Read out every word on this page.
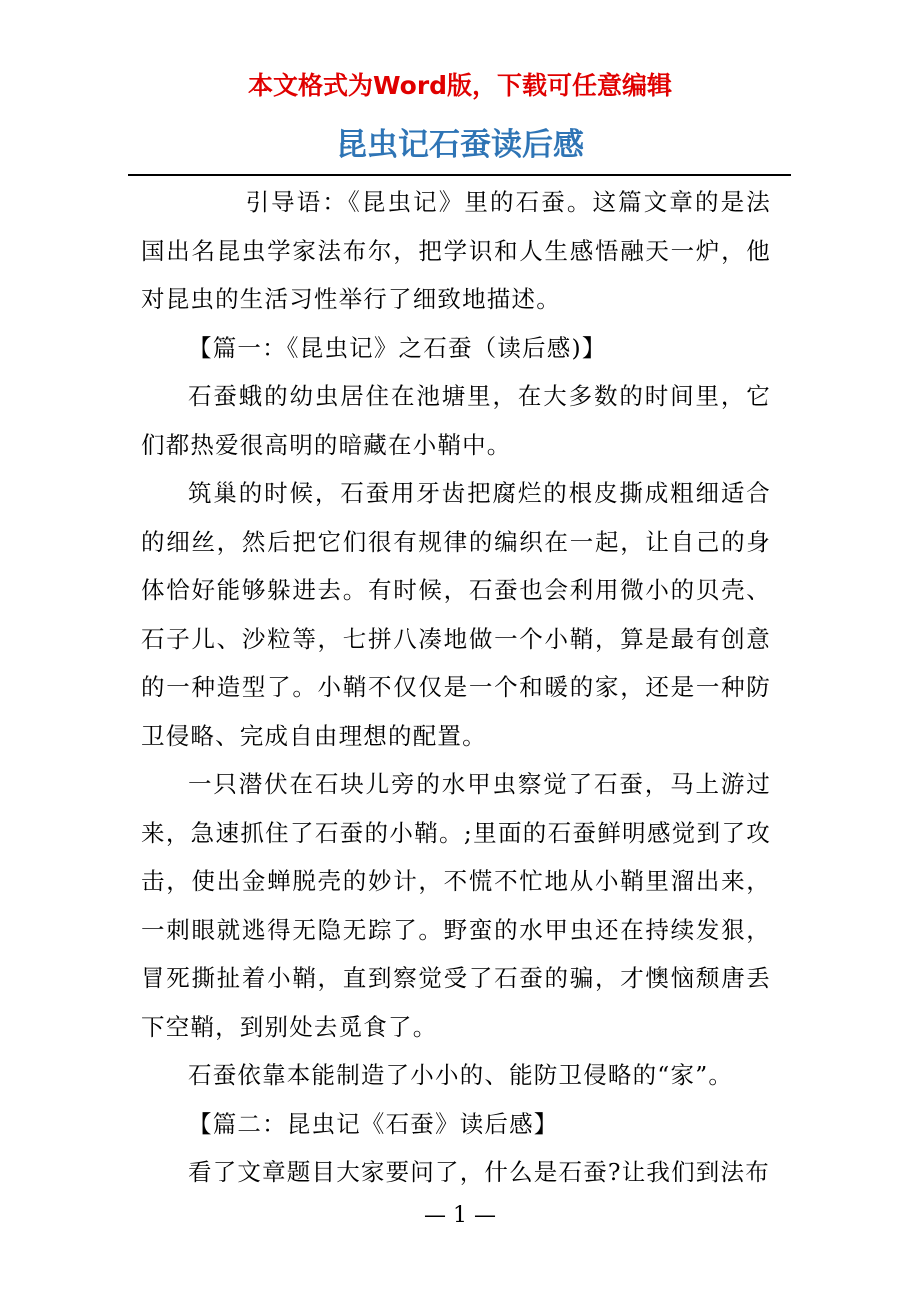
本文格式为Word版，下载可任意编辑
昆虫记石蚕读后感

引导语：《昆虫记》里的石蚕。这篇文章的是法国出名昆虫学家法布尔，把学识和人生感悟融天一炉，他对昆虫的生活习性举行了细致地描述。

【篇一：《昆虫记》之石蚕（读后感)】

石蚕蛾的幼虫居住在池塘里，在大多数的时间里，它们都热爱很高明的暗藏在小鞘中。

筑巢的时候，石蚕用牙齿把腐烂的根皮撕成粗细适合的细丝，然后把它们很有规律的编织在一起，让自己的身体恰好能够躲进去。有时候，石蚕也会利用微小的贝壳、石子儿、沙粒等，七拼八凑地做一个小鞘，算是最有创意的一种造型了。小鞘不仅仅是一个和暖的家，还是一种防卫侵略、完成自由理想的配置。

一只潜伏在石块儿旁的水甲虫察觉了石蚕，马上游过来，急速抓住了石蚕的小鞘。;里面的石蚕鲜明感觉到了攻击，使出金蝉脱壳的妙计，不慌不忙地从小鞘里溜出来，一刺眼就逃得无隐无踪了。野蛮的水甲虫还在持续发狠，冒死撕扯着小鞘，直到察觉受了石蚕的骗，才懊恼颓唐丢下空鞘，到别处去觅食了。

石蚕依靠本能制造了小小的、能防卫侵略的“家”。

【篇二：昆虫记《石蚕》读后感】

看了文章题目大家要问了，什么是石蚕?让我们到法布

— 1 —
